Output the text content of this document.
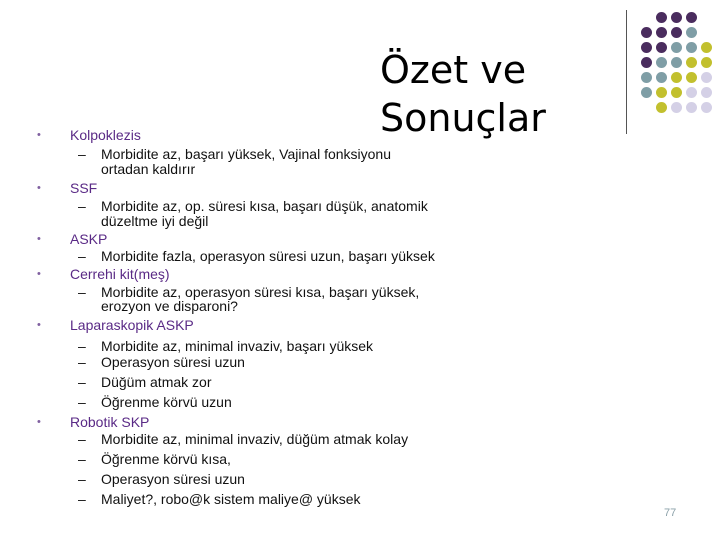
Özet ve
Sonuçlar
• Kolpoklezis
– Morbidite az, başarı yüksek, Vajinal fonksiyonu
ortadan kaldırır
• SSF
– Morbidite az, op. süresi kısa, başarı düşük, anatomik
düzeltme iyi değil
• ASKP
– Morbidite fazla, operasyon süresi uzun, başarı yüksek
• Cerrehi kit(meş)
– Morbidite az, operasyon süresi kısa, başarı yüksek,
erozyon ve disparoni?
• Laparaskopik ASKP
– Morbidite az, minimal invaziv, başarı yüksek
– Operasyon süresi uzun
– Düğüm atmak zor
– Öğrenme körvü uzun
• Robotik SKP
– Morbidite az, minimal invaziv, düğüm atmak kolay
– Öğrenme körvü kısa,
– Operasyon süresi uzun
– Maliyet?, robo@k sistem maliye@ yüksek
77
